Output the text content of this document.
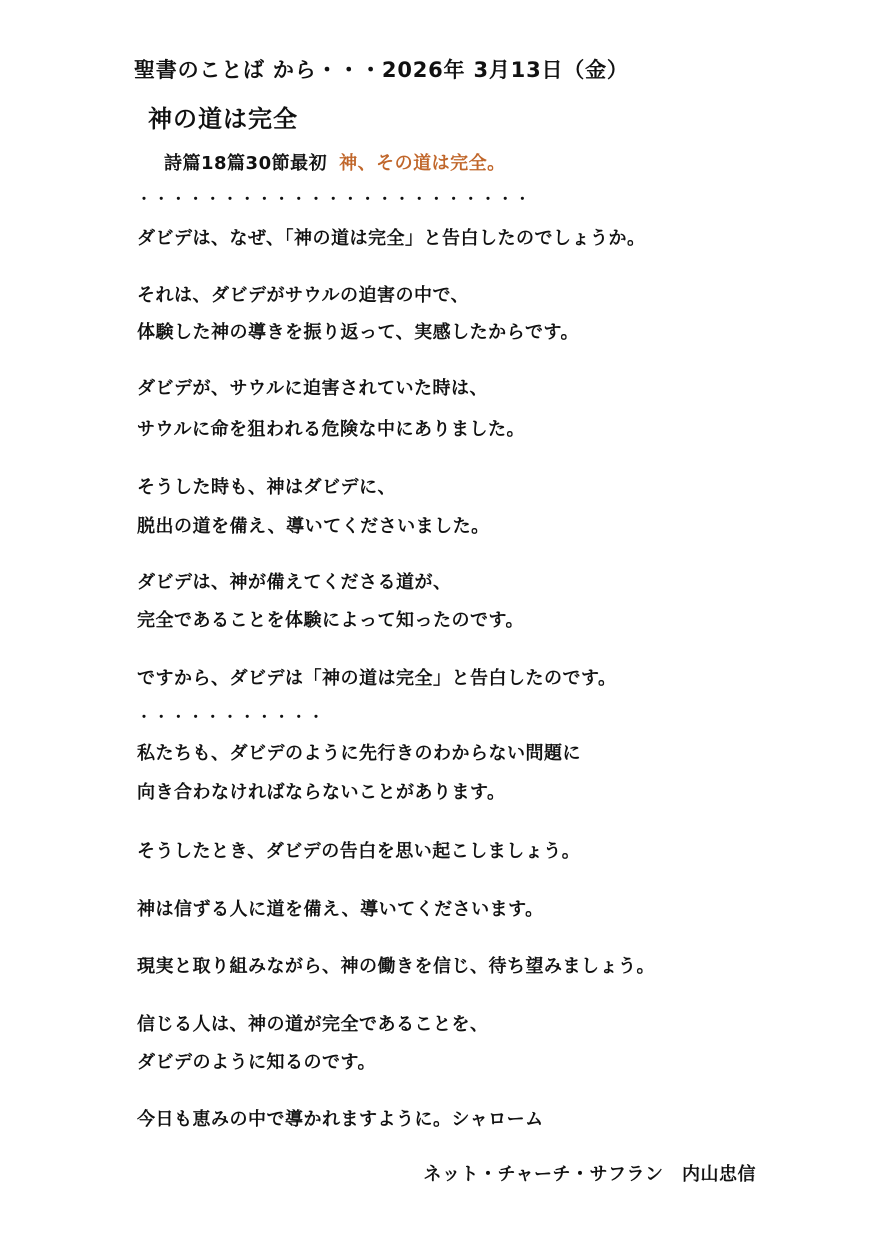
聖書のことば から・・・2026年 3月13日（金）
神の道は完全
詩篇18篇30節最初 神、その道は完全。
・・・・・・・・・・・・・・・・・・・・・・・
ダビデは、なぜ、「神の道は完全」と告白したのでしょうか。
それは、ダビデがサウルの迫害の中で、
体験した神の導きを振り返って、実感したからです。
ダビデが、サウルに迫害されていた時は、
サウルに命を狙われる危険な中にありました。
そうした時も、神はダビデに、
脱出の道を備え、導いてくださいました。
ダビデは、神が備えてくださる道が、
完全であることを体験によって知ったのです。
ですから、ダビデは「神の道は完全」と告白したのです。
・・・・・・・・・・・
私たちも、ダビデのように先行きのわからない問題に
向き合わなければならないことがあります。
そうしたとき、ダビデの告白を思い起こしましょう。
神は信ずる人に道を備え、導いてくださいます。
現実と取り組みながら、神の働きを信じ、待ち望みましょう。
信じる人は、神の道が完全であることを、
ダビデのように知るのです。
今日も恵みの中で導かれますように。シャローム
ネット・チャーチ・サフラン　内山忠信
